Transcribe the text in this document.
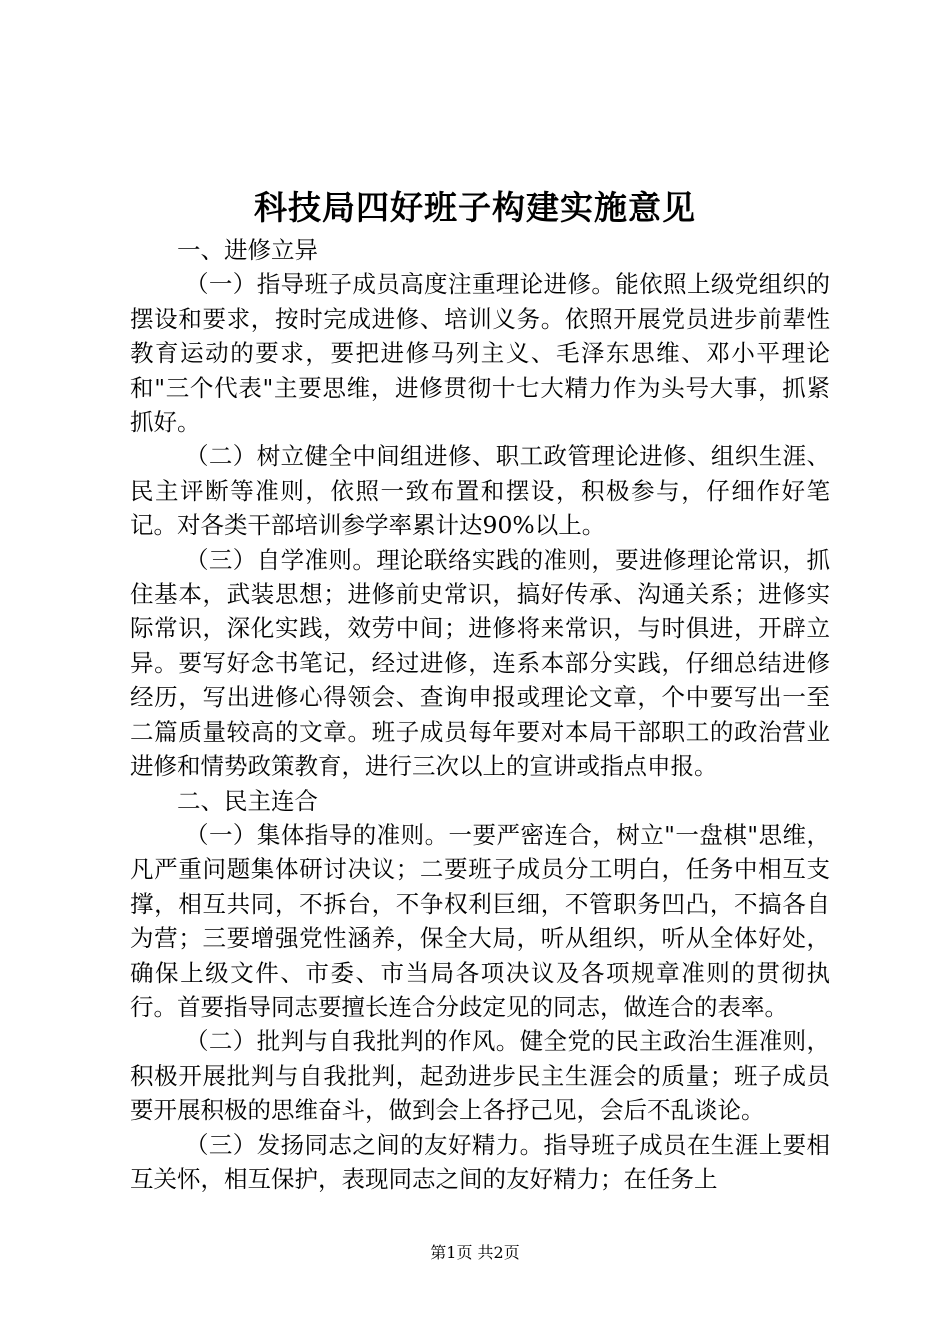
科技局四好班子构建实施意见

一、进修立异

（一）指导班子成员高度注重理论进修。能依照上级党组织的摆设和要求，按时完成进修、培训义务。依照开展党员进步前辈性教育运动的要求，要把进修马列主义、毛泽东思维、邓小平理论和"三个代表"主要思维，进修贯彻十七大精力作为头号大事，抓紧抓好。

（二）树立健全中间组进修、职工政管理论进修、组织生涯、民主评断等准则，依照一致布置和摆设，积极参与，仔细作好笔记。对各类干部培训参学率累计达90%以上。

（三）自学准则。理论联络实践的准则，要进修理论常识，抓住基本，武装思想；进修前史常识，搞好传承、沟通关系；进修实际常识，深化实践，效劳中间；进修将来常识，与时俱进，开辟立异。要写好念书笔记，经过进修，连系本部分实践，仔细总结进修经历，写出进修心得领会、查询申报或理论文章，个中要写出一至二篇质量较高的文章。班子成员每年要对本局干部职工的政治营业进修和情势政策教育，进行三次以上的宣讲或指点申报。

二、民主连合

（一）集体指导的准则。一要严密连合，树立"一盘棋"思维，凡严重问题集体研讨决议；二要班子成员分工明白，任务中相互支撑，相互共同，不拆台，不争权利巨细，不管职务凹凸，不搞各自为营；三要增强党性涵养，保全大局，听从组织，听从全体好处，确保上级文件、市委、市当局各项决议及各项规章准则的贯彻执行。首要指导同志要擅长连合分歧定见的同志，做连合的表率。

（二）批判与自我批判的作风。健全党的民主政治生涯准则，积极开展批判与自我批判，起劲进步民主生涯会的质量；班子成员要开展积极的思维奋斗，做到会上各抒己见，会后不乱谈论。

（三）发扬同志之间的友好精力。指导班子成员在生涯上要相互关怀，相互保护，表现同志之间的友好精力；在任务上

第1页 共2页
